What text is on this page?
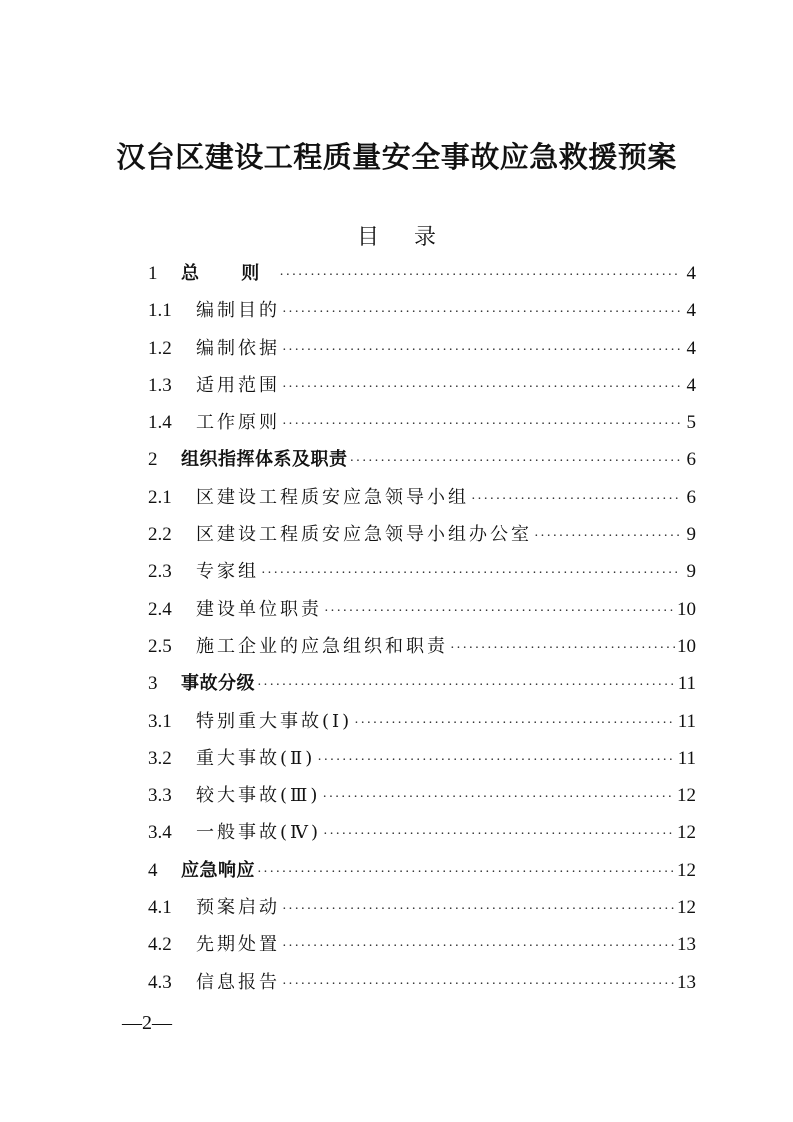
汉台区建设工程质量安全事故应急救援预案
目 录
1	总 则 ·····	4
1.1	编制目的 ·····	4
1.2	编制依据 ·····	4
1.3	适用范围 ·····	4
1.4	工作原则 ·····	5
2	组织指挥体系及职责 ·····	6
2.1	区建设工程质安应急领导小组 ·····	6
2.2	区建设工程质安应急领导小组办公室 ·····	9
2.3	专家组 ·····	9
2.4	建设单位职责 ·····	10
2.5	施工企业的应急组织和职责 ·····	10
3	事故分级 ·····	11
3.1	特别重大事故(Ⅰ) ·····	11
3.2	重大事故(Ⅱ) ·····	11
3.3	较大事故(Ⅲ) ·····	12
3.4	一般事故(Ⅳ) ·····	12
4	应急响应 ·····	12
4.1	预案启动 ·····	12
4.2	先期处置 ·····	13
4.3	信息报告 ·····	13
—2—
